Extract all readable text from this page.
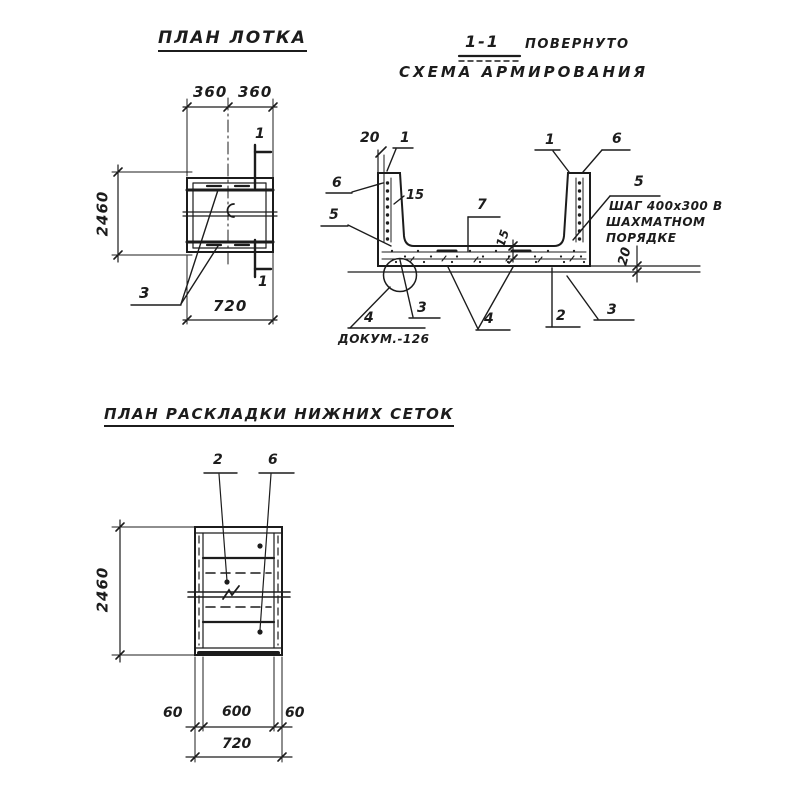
ПЛАН ЛОТКА
360 360
2460
720
1
1
3
1-1 ПОВЕРНУТО
СХЕМА АРМИРОВАНИЯ
20 1	1	6
6
5
15
7
15
5
ШАГ 400х300 В
ШАХМАТНОМ
ПОРЯДКЕ
20
4
ДОКУМ.-126
3
4	2	3
ПЛАН РАСКЛАДКИ НИЖНИХ СЕТОК
2	6
2460
60	600 60
720
